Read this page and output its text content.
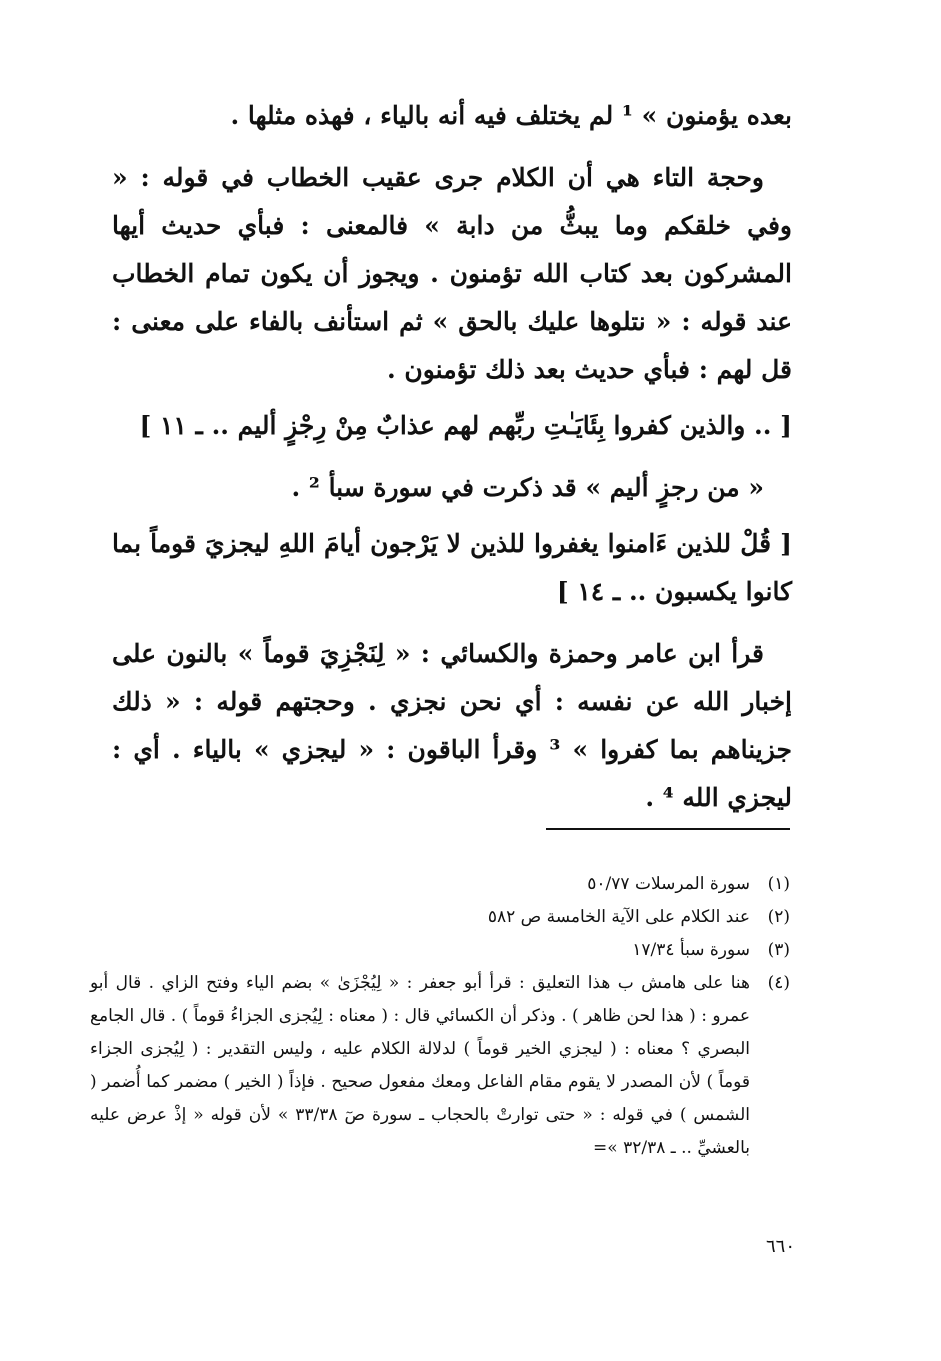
بعده يؤمنون » ¹ لم يختلف فيه أنه بالياء ، فهذه مثلها .

وحجة التاء هي أن الكلام جرى عقيب الخطاب في قوله : « وفي خلقكم وما يبثُّ من دابة » فالمعنى : فبأي حديث أيها المشركون بعد كتاب الله تؤمنون . ويجوز أن يكون تمام الخطاب عند قوله : « نتلوها عليك بالحق » ثم استأنف بالفاء على معنى : قل لهم : فبأي حديث بعد ذلك تؤمنون .

[ .. والذين كفروا بِئَايَـٰتِ ربِّهم لهم عذابٌ مِنْ رِجْزٍ أليم .. ـ ١١ ]

« من رجزٍ أليم » قد ذكرت في سورة سبأ ² .

[ قُلْ للذين ءَامنوا يغفروا للذين لا يَرْجون أيامَ اللهِ ليجزيَ قوماً بما كانوا يكسبون .. ـ ١٤ ]

قرأ ابن عامر وحمزة والكسائي : « لِنَجْزِيَ قوماً » بالنون على إخبار الله عن نفسه : أي نحن نجزي . وحجتهم قوله : « ذلك جزيناهم بما كفروا » ³ وقرأ الباقون : « ليجزي » بالياء . أي : ليجزي الله ⁴ .

(١)
سورة المرسلات ٥٠/٧٧
(٢)
عند الكلام على الآية الخامسة ص ٥٨٢
(٣)
سورة سبأ ١٧/٣٤
(٤)
هنا على هامش ب هذا التعليق : قرأ أبو جعفر : « لِيُجْزَىٰ » بضم الياء وفتح الزاي . قال أبو عمرو : ( هذا لحن ظاهر ) . وذكر أن الكسائي قال : ( معناه : لِيُجزى الجزاءُ قوماً ) . قال الجامع البصري ؟ معناه : ( ليجزي الخير قوماً ) لدلالة الكلام عليه ، وليس التقدير : ( لِيُجزى الجزاء قوماً ) لأن المصدر لا يقوم مقام الفاعل ومعك مفعول صحيح . فإذاً ( الخير ) مضمر كما أُضمر ( الشمس ) في قوله : « حتى توارتْ بالحجاب ـ سورة صٓ ٣٣/٣٨ » لأن قوله « إذْ عرض عليه بالعشيِّ .. ـ ٣٢/٣٨ »=
٦٦٠
